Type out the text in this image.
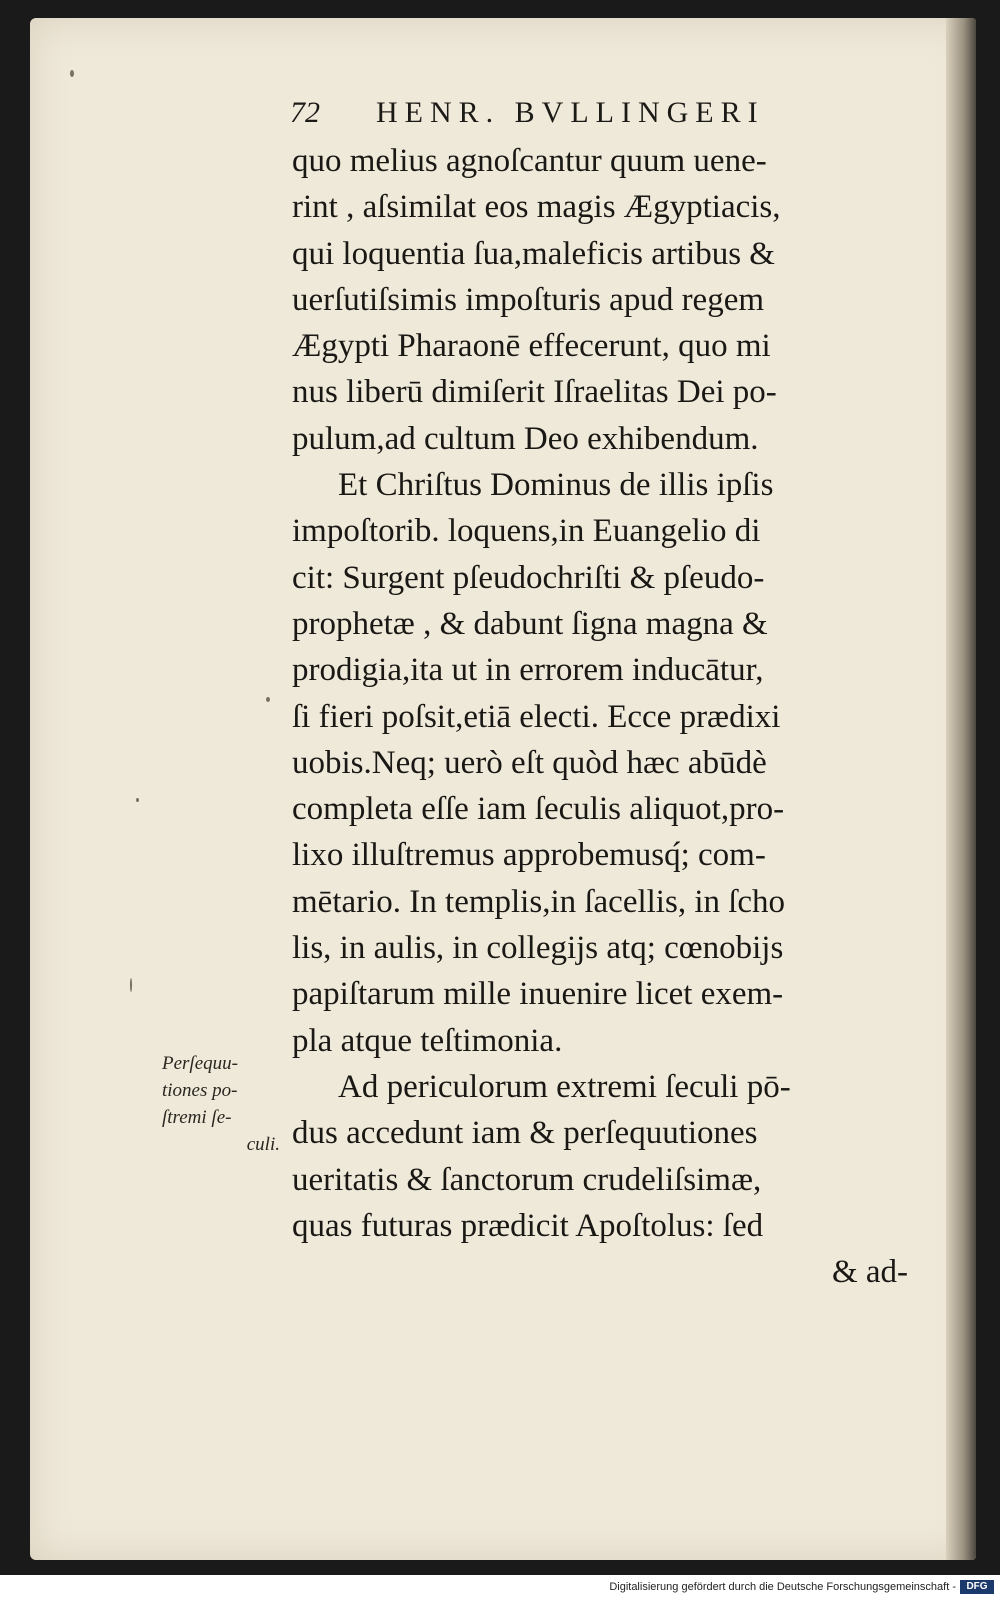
72 HENR. BVLLINGERI
quo melius agnoſcantur quum uene-
rint , aſsimilat eos magis Ægyptiacis,
qui loquentia ſua,maleficis artibus &
uerſutiſsimis impoſturis apud regem
Ægypti Pharaonē effecerunt, quo mi
nus liberū dimiſerit Iſraelitas Dei po-
pulum,ad cultum Deo exhibendum.
Et Chriſtus Dominus de illis ipſis
impoſtorib. loquens,in Euangelio di
cit: Surgent pſeudochriſti & pſeudo-
prophetæ , & dabunt ſigna magna &
prodigia,ita ut in errorem inducātur,
ſi fieri poſsit,etiā electi. Ecce prædixi
uobis.Neq; uerò eſt quòd hæc abūdè
completa eſſe iam ſeculis aliquot,pro-
lixo illuſtremus approbemusq́; com-
mētario. In templis,in ſacellis, in ſcho
lis, in aulis, in collegijs atq; cœnobijs
papiſtarum mille inuenire licet exem-
pla atque teſtimonia.
Ad periculorum extremi ſeculi pō-
dus accedunt iam & perſequutiones
ueritatis & ſanctorum crudeliſsimæ,
quas futuras prædicit Apoſtolus: ſed
& ad-
Perſequu-
tiones po-
ſtremi ſe-
culi.
Digitalisierung gefördert durch die Deutsche Forschungsgemeinschaft -	DFG
